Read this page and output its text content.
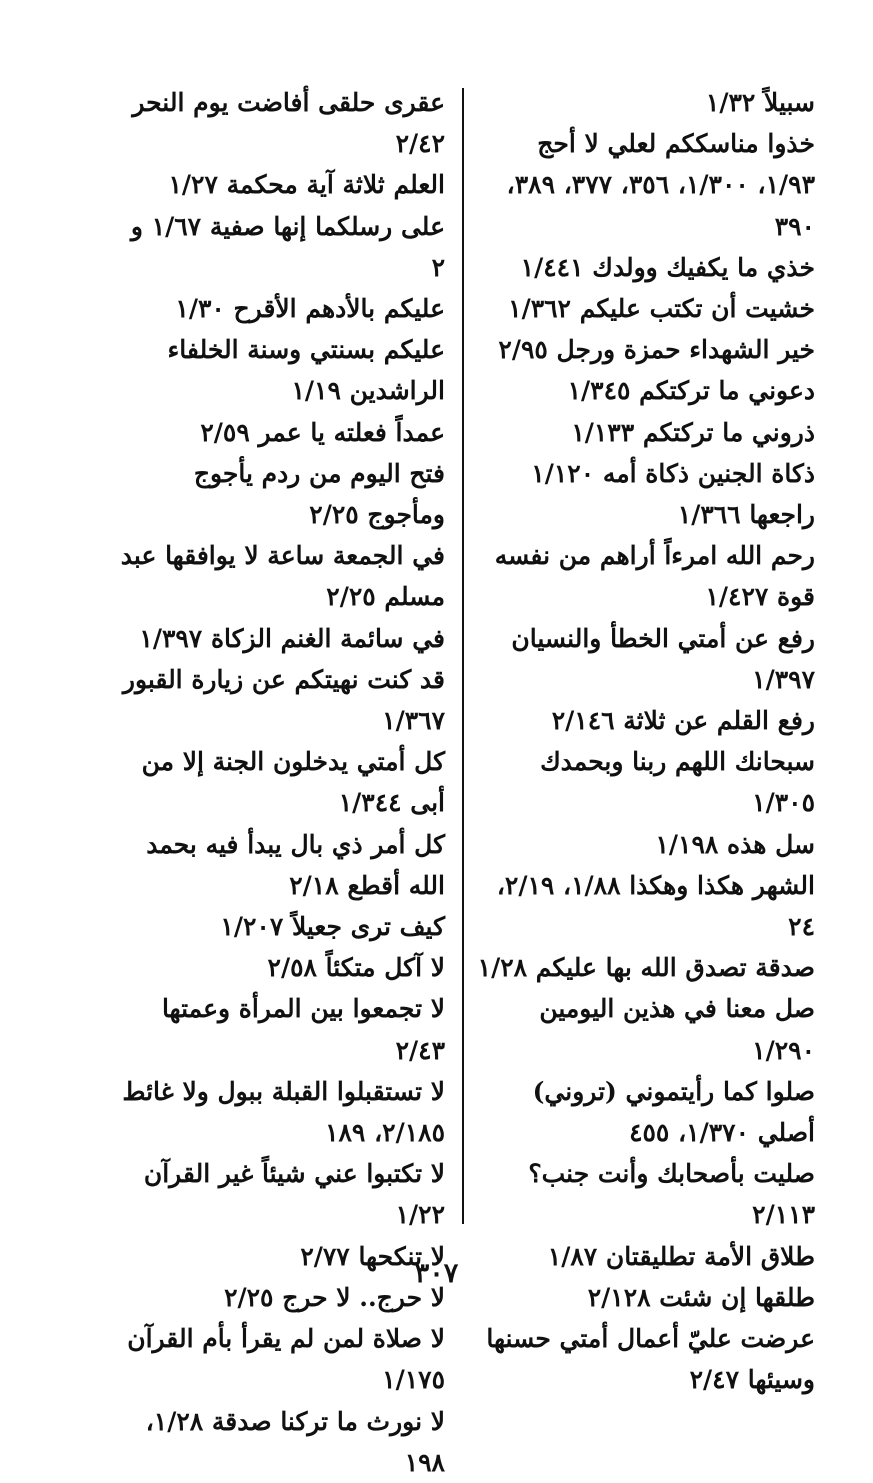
سبيلاً ١/٣٢
خذوا مناسككم لعلي لا أحج ١/٩٣، ١/٣٠٠، ٣٥٦، ٣٧٧، ٣٨٩، ٣٩٠
خذي ما يكفيك وولدك ١/٤٤١
خشيت أن تكتب عليكم ١/٣٦٢
خير الشهداء حمزة ورجل ٢/٩٥
دعوني ما تركتكم ١/٣٤٥
ذروني ما تركتكم ١/١٣٣
ذكاة الجنين ذكاة أمه ١/١٢٠
راجعها ١/٣٦٦
رحم الله امرءاً أراهم من نفسه قوة ١/٤٢٧
رفع عن أمتي الخطأ والنسيان ١/٣٩٧
رفع القلم عن ثلاثة ٢/١٤٦
سبحانك اللهم ربنا وبحمدك ١/٣٠٥
سل هذه ١/١٩٨
الشهر هكذا وهكذا ١/٨٨، ٢/١٩، ٢٤
صدقة تصدق الله بها عليكم ١/٢٨
صل معنا في هذين اليومين ١/٢٩٠
صلوا كما رأيتموني (تروني) أصلي ١/٣٧٠، ٤٥٥
صليت بأصحابك وأنت جنب؟ ٢/١١٣
طلاق الأمة تطليقتان ١/٨٧
طلقها إن شئت ٢/١٢٨
عرضت عليّ أعمال أمتي حسنها وسيئها ٢/٤٧
عقرى حلقى أفاضت يوم النحر ٢/٤٢
العلم ثلاثة آية محكمة ١/٢٧
على رسلكما إنها صفية ١/٦٧ و ٢
عليكم بالأدهم الأقرح ١/٣٠
عليكم بسنتي وسنة الخلفاء الراشدين ١/١٩
عمداً فعلته يا عمر ٢/٥٩
فتح اليوم من ردم يأجوج ومأجوج ٢/٢٥
في الجمعة ساعة لا يوافقها عبد مسلم ٢/٢٥
في سائمة الغنم الزكاة ١/٣٩٧
قد كنت نهيتكم عن زيارة القبور ١/٣٦٧
كل أمتي يدخلون الجنة إلا من أبى ١/٣٤٤
كل أمر ذي بال يبدأ فيه بحمد الله أقطع ٢/١٨
كيف ترى جعيلاً ١/٢٠٧
لا آكل متكئاً ٢/٥٨
لا تجمعوا بين المرأة وعمتها ٢/٤٣
لا تستقبلوا القبلة ببول ولا غائط ٢/١٨٥، ١٨٩
لا تكتبوا عني شيئاً غير القرآن ١/٢٢
لا تنكحها ٢/٧٧
لا حرج.. لا حرج ٢/٢٥
لا صلاة لمن لم يقرأ بأم القرآن ١/١٧٥
لا نورث ما تركنا صدقة ١/٢٨، ١٩٨
٣٠٧
